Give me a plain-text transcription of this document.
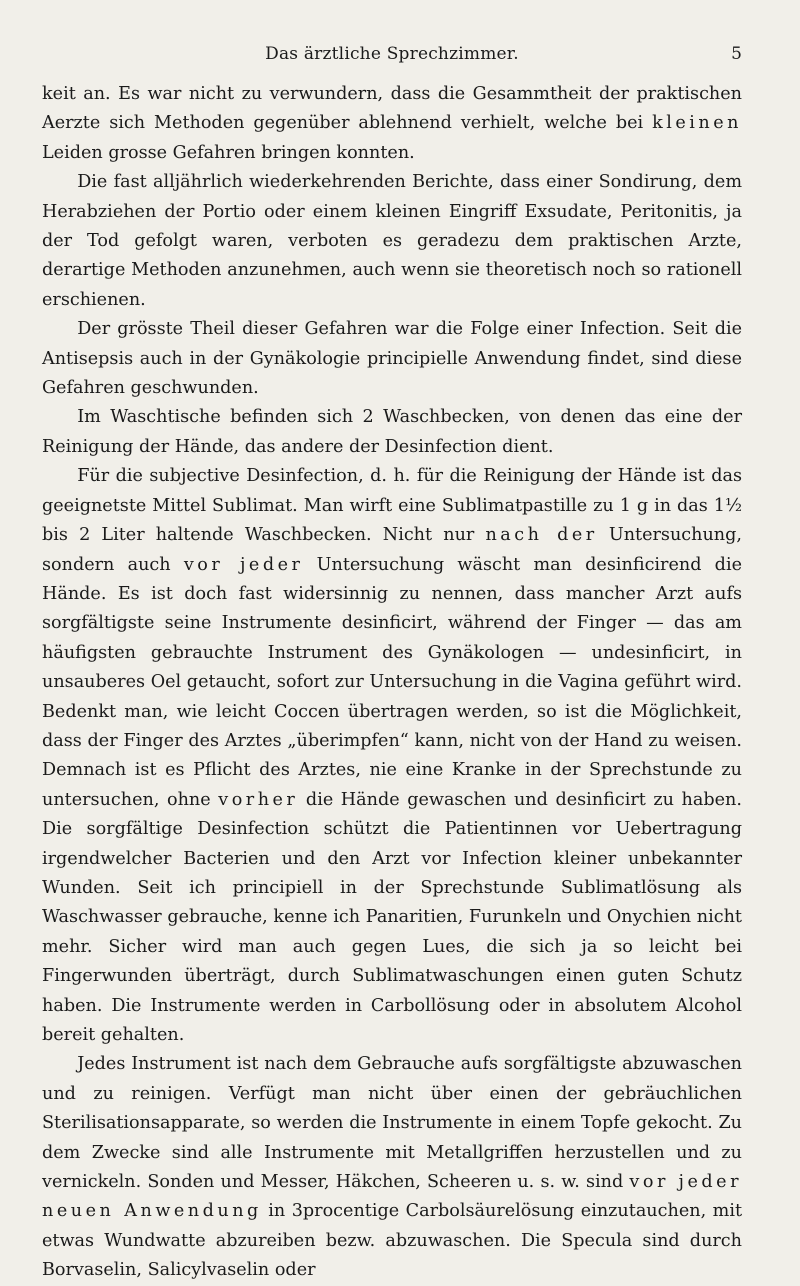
Das ärztliche Sprechzimmer.	5

keit an. Es war nicht zu verwundern, dass die Gesammtheit der praktischen Aerzte sich Methoden gegenüber ablehnend verhielt, welche bei kleinen Leiden grosse Gefahren bringen konnten.

Die fast alljährlich wiederkehrenden Berichte, dass einer Sondirung, dem Herabziehen der Portio oder einem kleinen Eingriff Exsudate, Peritonitis, ja der Tod gefolgt waren, verboten es geradezu dem praktischen Arzte, derartige Methoden anzunehmen, auch wenn sie theoretisch noch so rationell erschienen.

Der grösste Theil dieser Gefahren war die Folge einer Infection. Seit die Antisepsis auch in der Gynäkologie principielle Anwendung findet, sind diese Gefahren geschwunden.

Im Waschtische befinden sich 2 Waschbecken, von denen das eine der Reinigung der Hände, das andere der Desinfection dient.

Für die subjective Desinfection, d. h. für die Reinigung der Hände ist das geeignetste Mittel Sublimat. Man wirft eine Sublimatpastille zu 1 g in das 1½ bis 2 Liter haltende Waschbecken. Nicht nur nach der Untersuchung, sondern auch vor jeder Untersuchung wäscht man desinficirend die Hände. Es ist doch fast widersinnig zu nennen, dass mancher Arzt aufs sorgfältigste seine Instrumente desinficirt, während der Finger — das am häufigsten gebrauchte Instrument des Gynäkologen — undesinficirt, in unsauberes Oel getaucht, sofort zur Untersuchung in die Vagina geführt wird. Bedenkt man, wie leicht Coccen übertragen werden, so ist die Möglichkeit, dass der Finger des Arztes „überimpfen“ kann, nicht von der Hand zu weisen. Demnach ist es Pflicht des Arztes, nie eine Kranke in der Sprechstunde zu untersuchen, ohne vorher die Hände gewaschen und desinficirt zu haben. Die sorgfältige Desinfection schützt die Patientinnen vor Uebertragung irgendwelcher Bacterien und den Arzt vor Infection kleiner unbekannter Wunden. Seit ich principiell in der Sprechstunde Sublimatlösung als Waschwasser gebrauche, kenne ich Panaritien, Furunkeln und Onychien nicht mehr. Sicher wird man auch gegen Lues, die sich ja so leicht bei Fingerwunden überträgt, durch Sublimatwaschungen einen guten Schutz haben. Die Instrumente werden in Carbollösung oder in absolutem Alcohol bereit gehalten.

Jedes Instrument ist nach dem Gebrauche aufs sorgfältigste abzuwaschen und zu reinigen. Verfügt man nicht über einen der gebräuchlichen Sterilisationsapparate, so werden die Instrumente in einem Topfe gekocht. Zu dem Zwecke sind alle Instrumente mit Metallgriffen herzustellen und zu vernickeln. Sonden und Messer, Häkchen, Scheeren u. s. w. sind vor jeder neuen Anwendung in 3procentige Carbolsäurelösung einzutauchen, mit etwas Wundwatte abzureiben bezw. abzuwaschen. Die Specula sind durch Borvaselin, Salicylvaselin oder
